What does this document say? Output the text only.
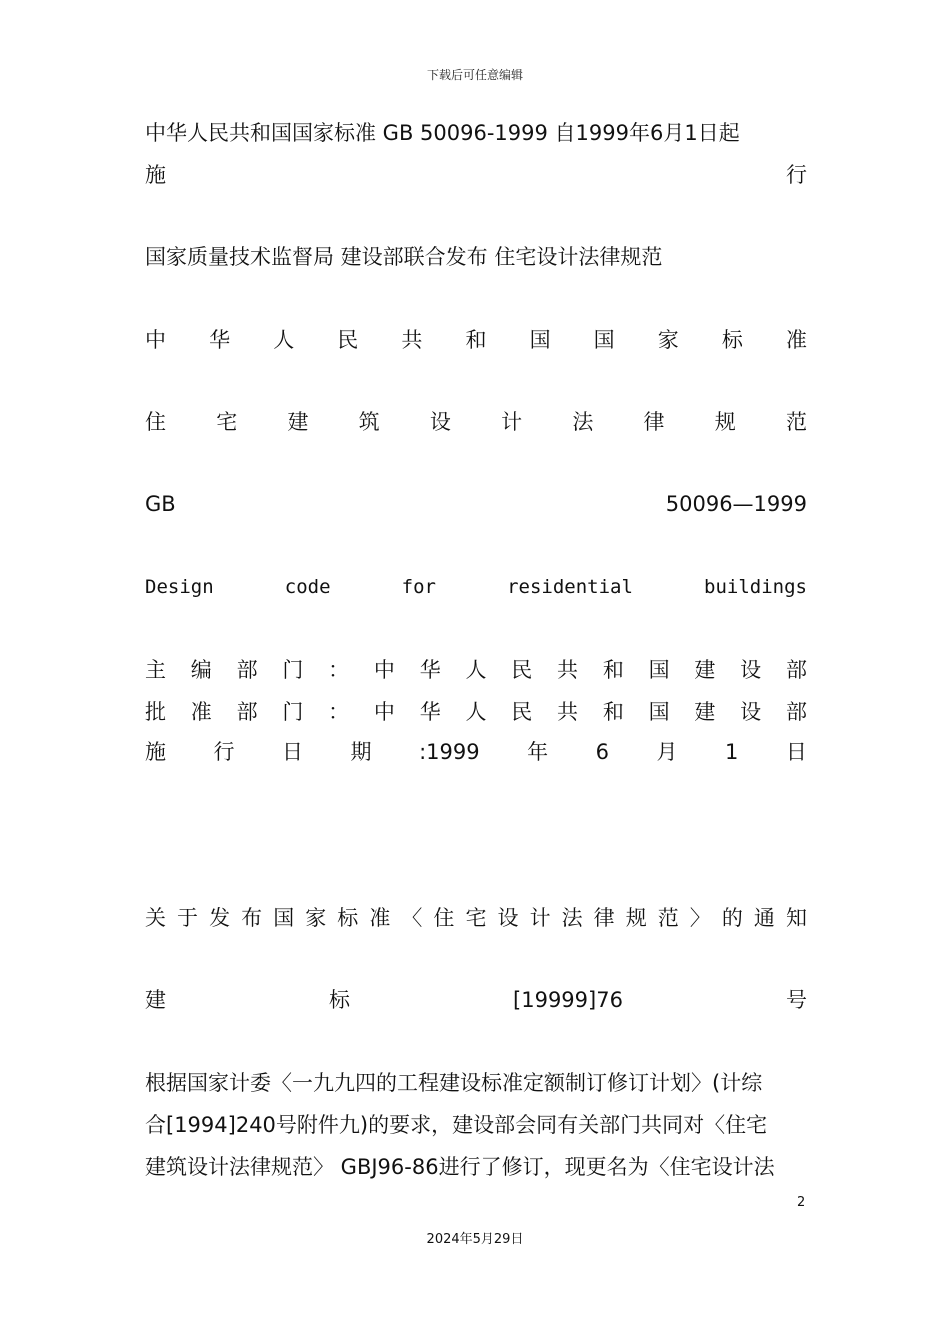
下载后可任意编辑
中华人民共和国国家标准 GB 50096-1999 自1999年6月1日起
施	行
国家质量技术监督局 建设部联合发布 住宅设计法律规范
中 华 人 民 共 和 国 国 家 标 准
住 宅 建 筑 设 计 法 律 规 范
GB	50096—1999
Design	code	for	residential	buildings
主 编 部 门 ： 中 华 人 民 共 和 国 建 设 部
批 准 部 门 ： 中 华 人 民 共 和 国 建 设 部
施 行 日 期 :1999 年 6 月 1 日
关 于 发 布 国 家 标 准 〈 住 宅 设 计 法 律 规 范 〉 的 通 知
建	标	[19999]76	号
根据国家计委〈一九九四的工程建设标准定额制订修订计划〉(计综
合[1994]240号附件九)的要求，建设部会同有关部门共同对〈住宅
建筑设计法律规范〉 GBJ96-86进行了修订，现更名为〈住宅设计法
2
2024年5月29日
